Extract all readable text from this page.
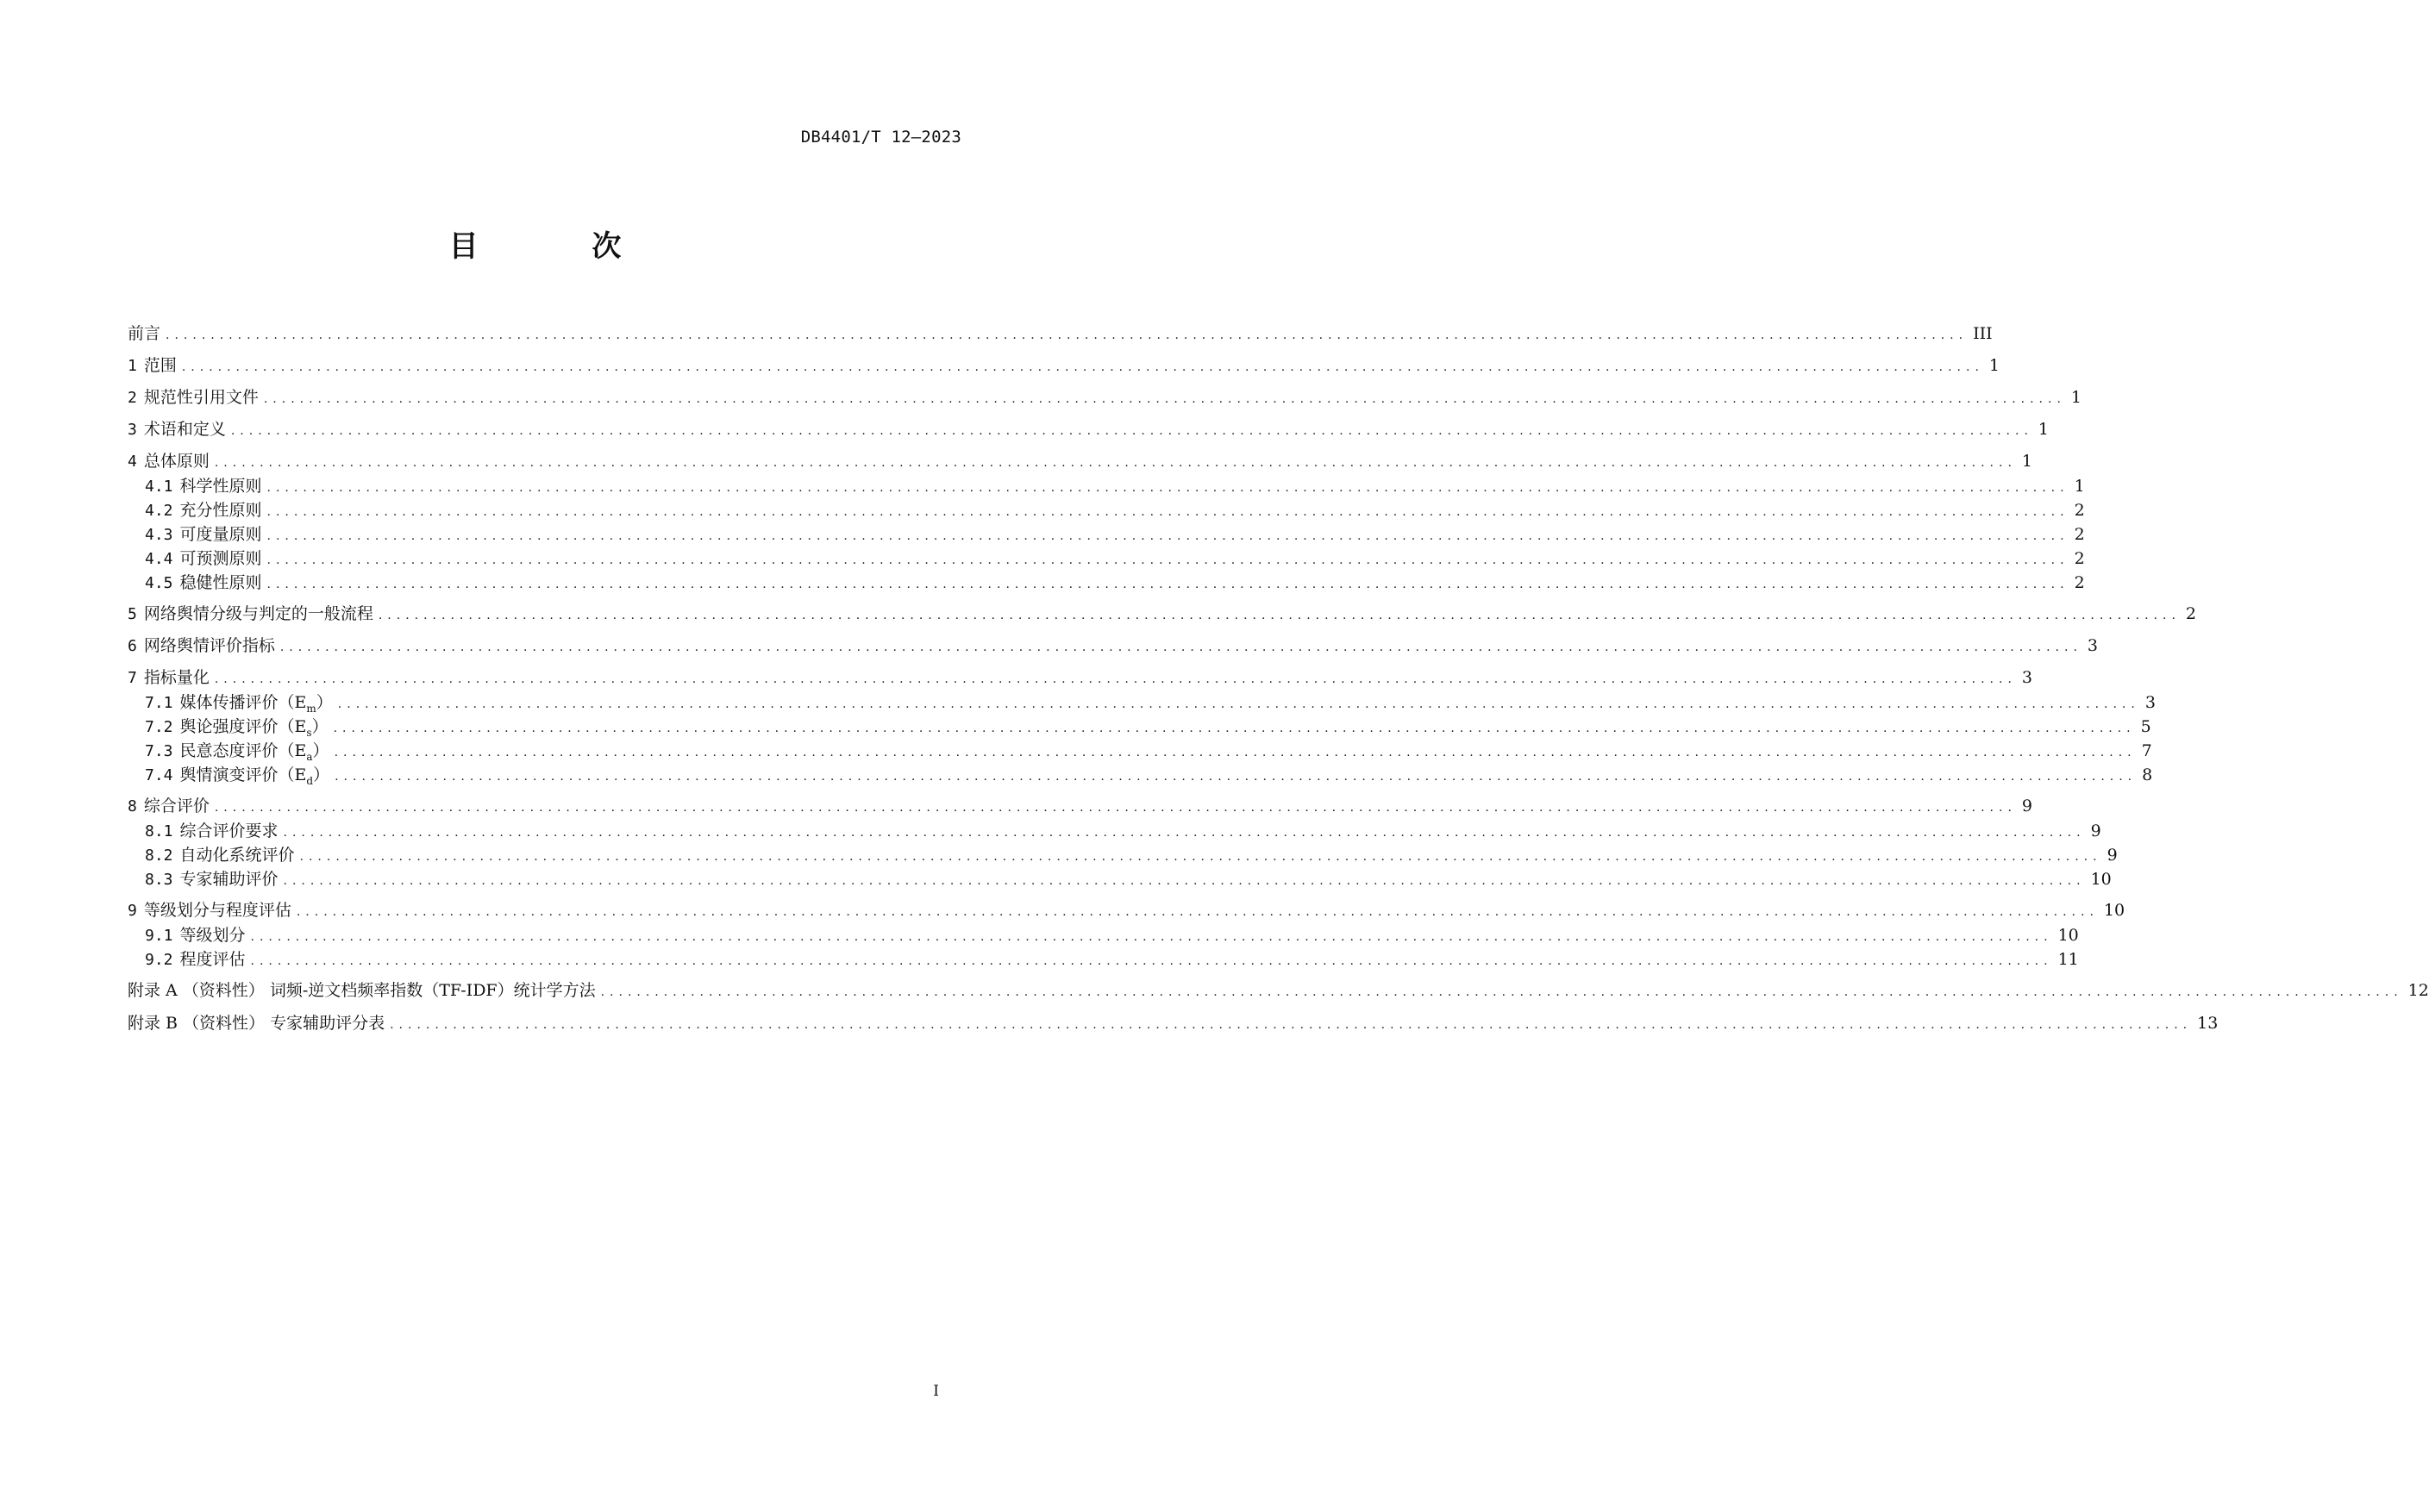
DB4401/T 12—2023
目 次
前言 ........................................................................................................................................................................................................ III
1 范围 ........................................................................................................................................................................................................ 1
2 规范性引用文件 ........................................................................................................................................................................................................ 1
3 术语和定义 ........................................................................................................................................................................................................ 1
4 总体原则 ........................................................................................................................................................................................................ 1
4.1 科学性原则 ........................................................................................................................................................................................................ 1
4.2 充分性原则 ........................................................................................................................................................................................................ 2
4.3 可度量原则 ........................................................................................................................................................................................................ 2
4.4 可预测原则 ........................................................................................................................................................................................................ 2
4.5 稳健性原则 ........................................................................................................................................................................................................ 2
5 网络舆情分级与判定的一般流程 ........................................................................................................................................................................................................ 2
6 网络舆情评价指标 ........................................................................................................................................................................................................ 3
7 指标量化 ........................................................................................................................................................................................................ 3
7.1 媒体传播评价$(E_m)$ ........................................................................................................................................................................................................ 3
7.2 舆论强度评价$(E_s)$ ........................................................................................................................................................................................................ 5
7.3 民意态度评价$(E_a)$ ........................................................................................................................................................................................................ 7
7.4 舆情演变评价$(E_d)$ ........................................................................................................................................................................................................ 8
8 综合评价 ........................................................................................................................................................................................................ 9
8.1 综合评价要求 ........................................................................................................................................................................................................ 9
8.2 自动化系统评价 ........................................................................................................................................................................................................ 9
8.3 专家辅助评价 ........................................................................................................................................................................................................ 10
9 等级划分与程度评估 ........................................................................................................................................................................................................ 10
9.1 等级划分 ........................................................................................................................................................................................................ 10
9.2 程度评估 ........................................................................................................................................................................................................ 11
附录 A （资料性） 词频-逆文档频率指数（TF-IDF）统计学方法 ........................................................................................................................................................................................................ 12
附录 B （资料性） 专家辅助评分表 ........................................................................................................................................................................................................ 13
I
